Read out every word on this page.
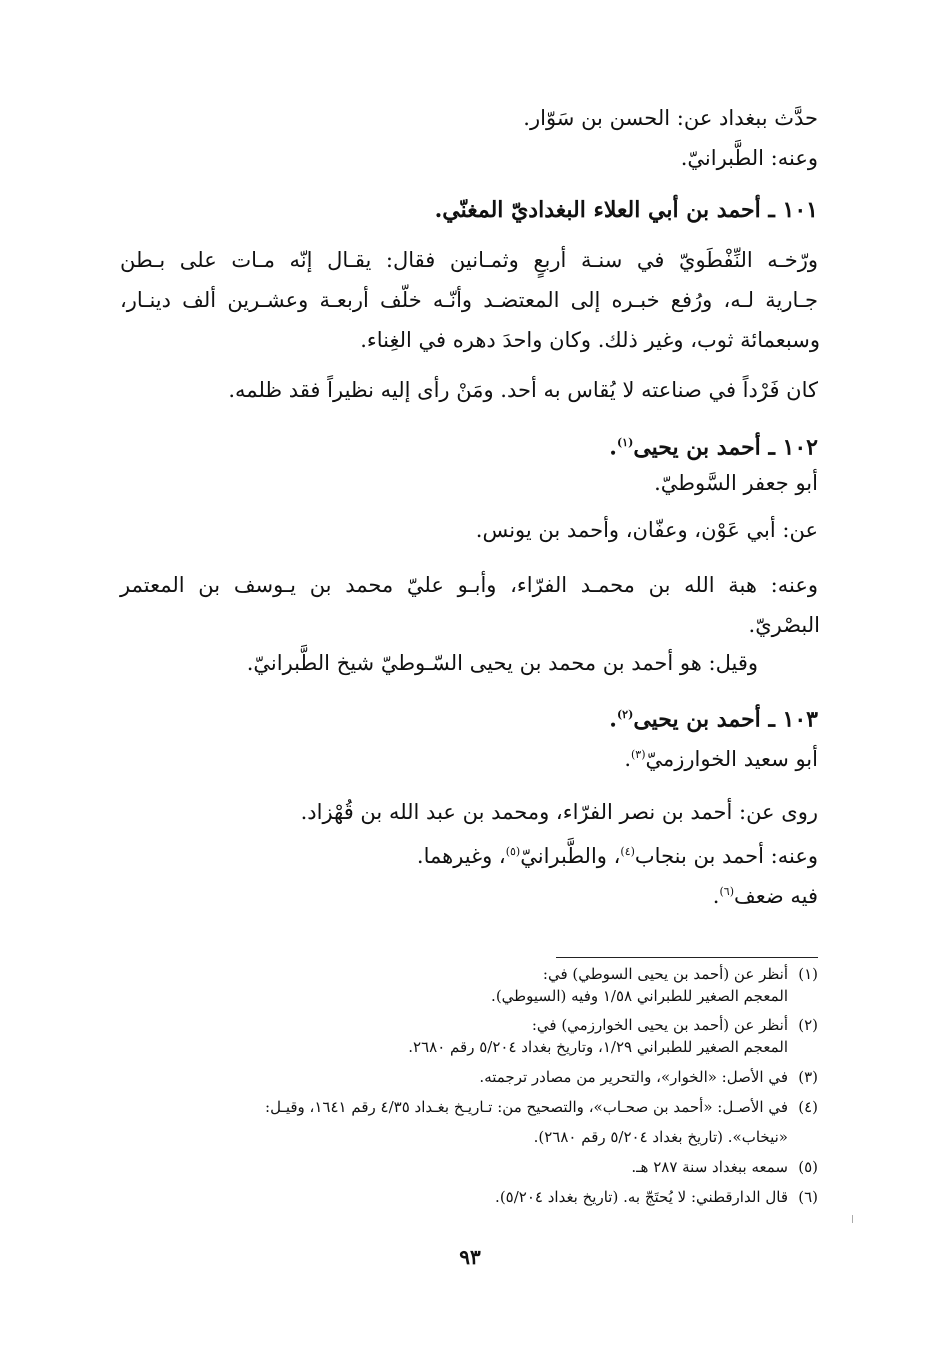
حدَّث ببغداد عن: الحسن بن سَوّار.
وعنه: الطَّبرانيّ.
١٠١ ـ أحمد بن أبي العلاء البغداديّ المغنّي.
ورّخـه النِّفْطَويّ في سنـة أربعٍ وثمـانين فقال: يقـال إنّه مـات على بـطن
جـارية لـه، ورُفع خبـره إلى المعتضـد وأنّـه خلّف أربعـة وعشـرين ألف دينـار،
وسبعمائة ثوب، وغير ذلك. وكان واحدَ دهره في الغِناء.
كان فَرْداً في صناعته لا يُقاس به أحد. ومَنْ رأى إليه نظيراً فقد ظلمه.
١٠٢ ـ أحمد بن يحيى$^{(١)}$.
أبو جعفر السَّوطيّ.
عن: أبي عَوْن، وعفّان، وأحمد بن يونس.
وعنه: هبة الله بن محمـد الفرّاء، وأبـو عليّ محمد بن يـوسف بن المعتمر
البصْريّ.
وقيل: هو أحمد بن محمد بن يحيى السّـوطيّ شيخ الطَّبرانيّ.
١٠٣ ـ أحمد بن يحيى$^{(٢)}$.
أبو سعيد الخوارزميّ$^{(٣)}$.
روى عن: أحمد بن نصر الفرّاء، ومحمد بن عبد الله بن قُهْزاد.
وعنه: أحمد بن بنجاب$^{(٤)}$، والطَّبرانيّ$^{(٥)}$، وغيرهما.
فيه ضعف$^{(٦)}$.
(١)أنظر عن (أحمد بن يحيى السوطي) في:
المعجم الصغير للطبراني ١/٥٨ وفيه (السيوطي).
(٢)أنظر عن (أحمد بن يحيى الخوارزمي) في:
المعجم الصغير للطبراني ١/٢٩، وتاريخ بغداد ٥/٢٠٤ رقم ٢٦٨٠.
(٣)في الأصل: «الخوار»، والتحرير من مصادر ترجمته.
(٤)في الأصـل: «أحمد بن صحـاب»، والتصحيح من: تـاريـخ بغـداد ٤/٣٥ رقم ١٦٤١، وقيـل:
«نيخاب». (تاريخ بغداد ٥/٢٠٤ رقم ٢٦٨٠).
(٥)سمعه ببغداد سنة ٢٨٧ هـ.
(٦)قال الدارقطني: لا يُحتَجّ به. (تاريخ بغداد ٥/٢٠٤).
٩٣
